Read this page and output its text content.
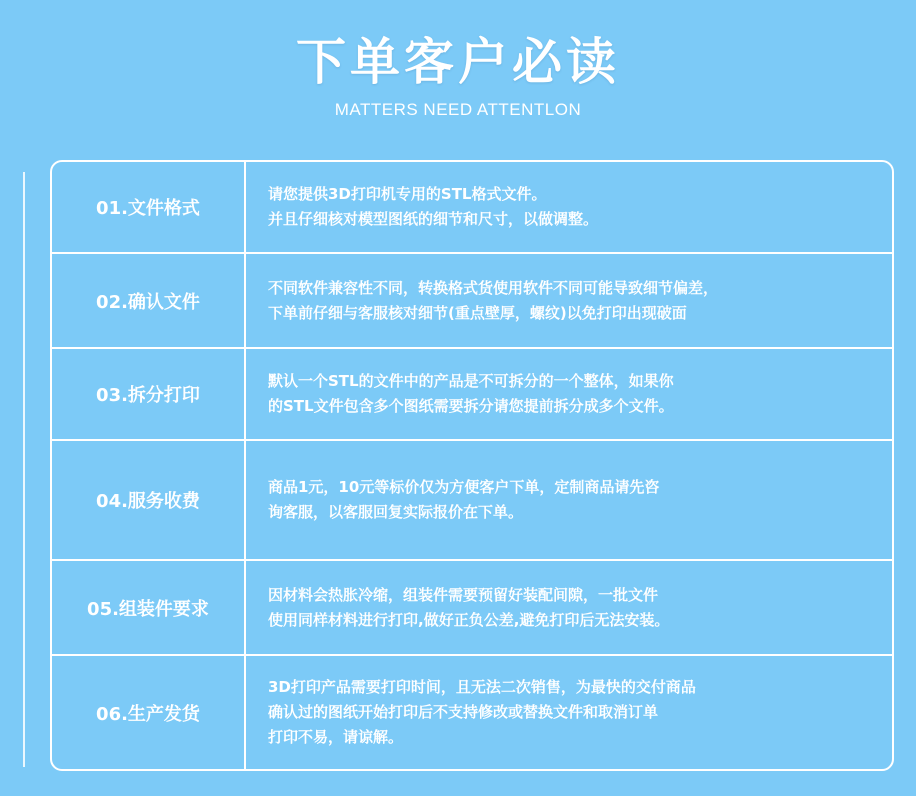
下单客户必读
MATTERS NEED ATTENTLON
01.文件格式
请您提供3D打印机专用的STL格式文件。
并且仔细核对模型图纸的细节和尺寸，以做调整。
02.确认文件
不同软件兼容性不同，转换格式货使用软件不同可能导致细节偏差，
下单前仔细与客服核对细节(重点壁厚，螺纹)以免打印出现破面
03.拆分打印
默认一个STL的文件中的产品是不可拆分的一个整体，如果你
的STL文件包含多个图纸需要拆分请您提前拆分成多个文件。
04.服务收费
商品1元，10元等标价仅为方便客户下单，定制商品请先咨
询客服，以客服回复实际报价在下单。
05.组装件要求
因材料会热胀冷缩，组装件需要预留好装配间隙，一批文件
使用同样材料进行打印,做好正负公差,避免打印后无法安装。
06.生产发货
3D打印产品需要打印时间，且无法二次销售，为最快的交付商品
确认过的图纸开始打印后不支持修改或替换文件和取消订单
打印不易，请谅解。
